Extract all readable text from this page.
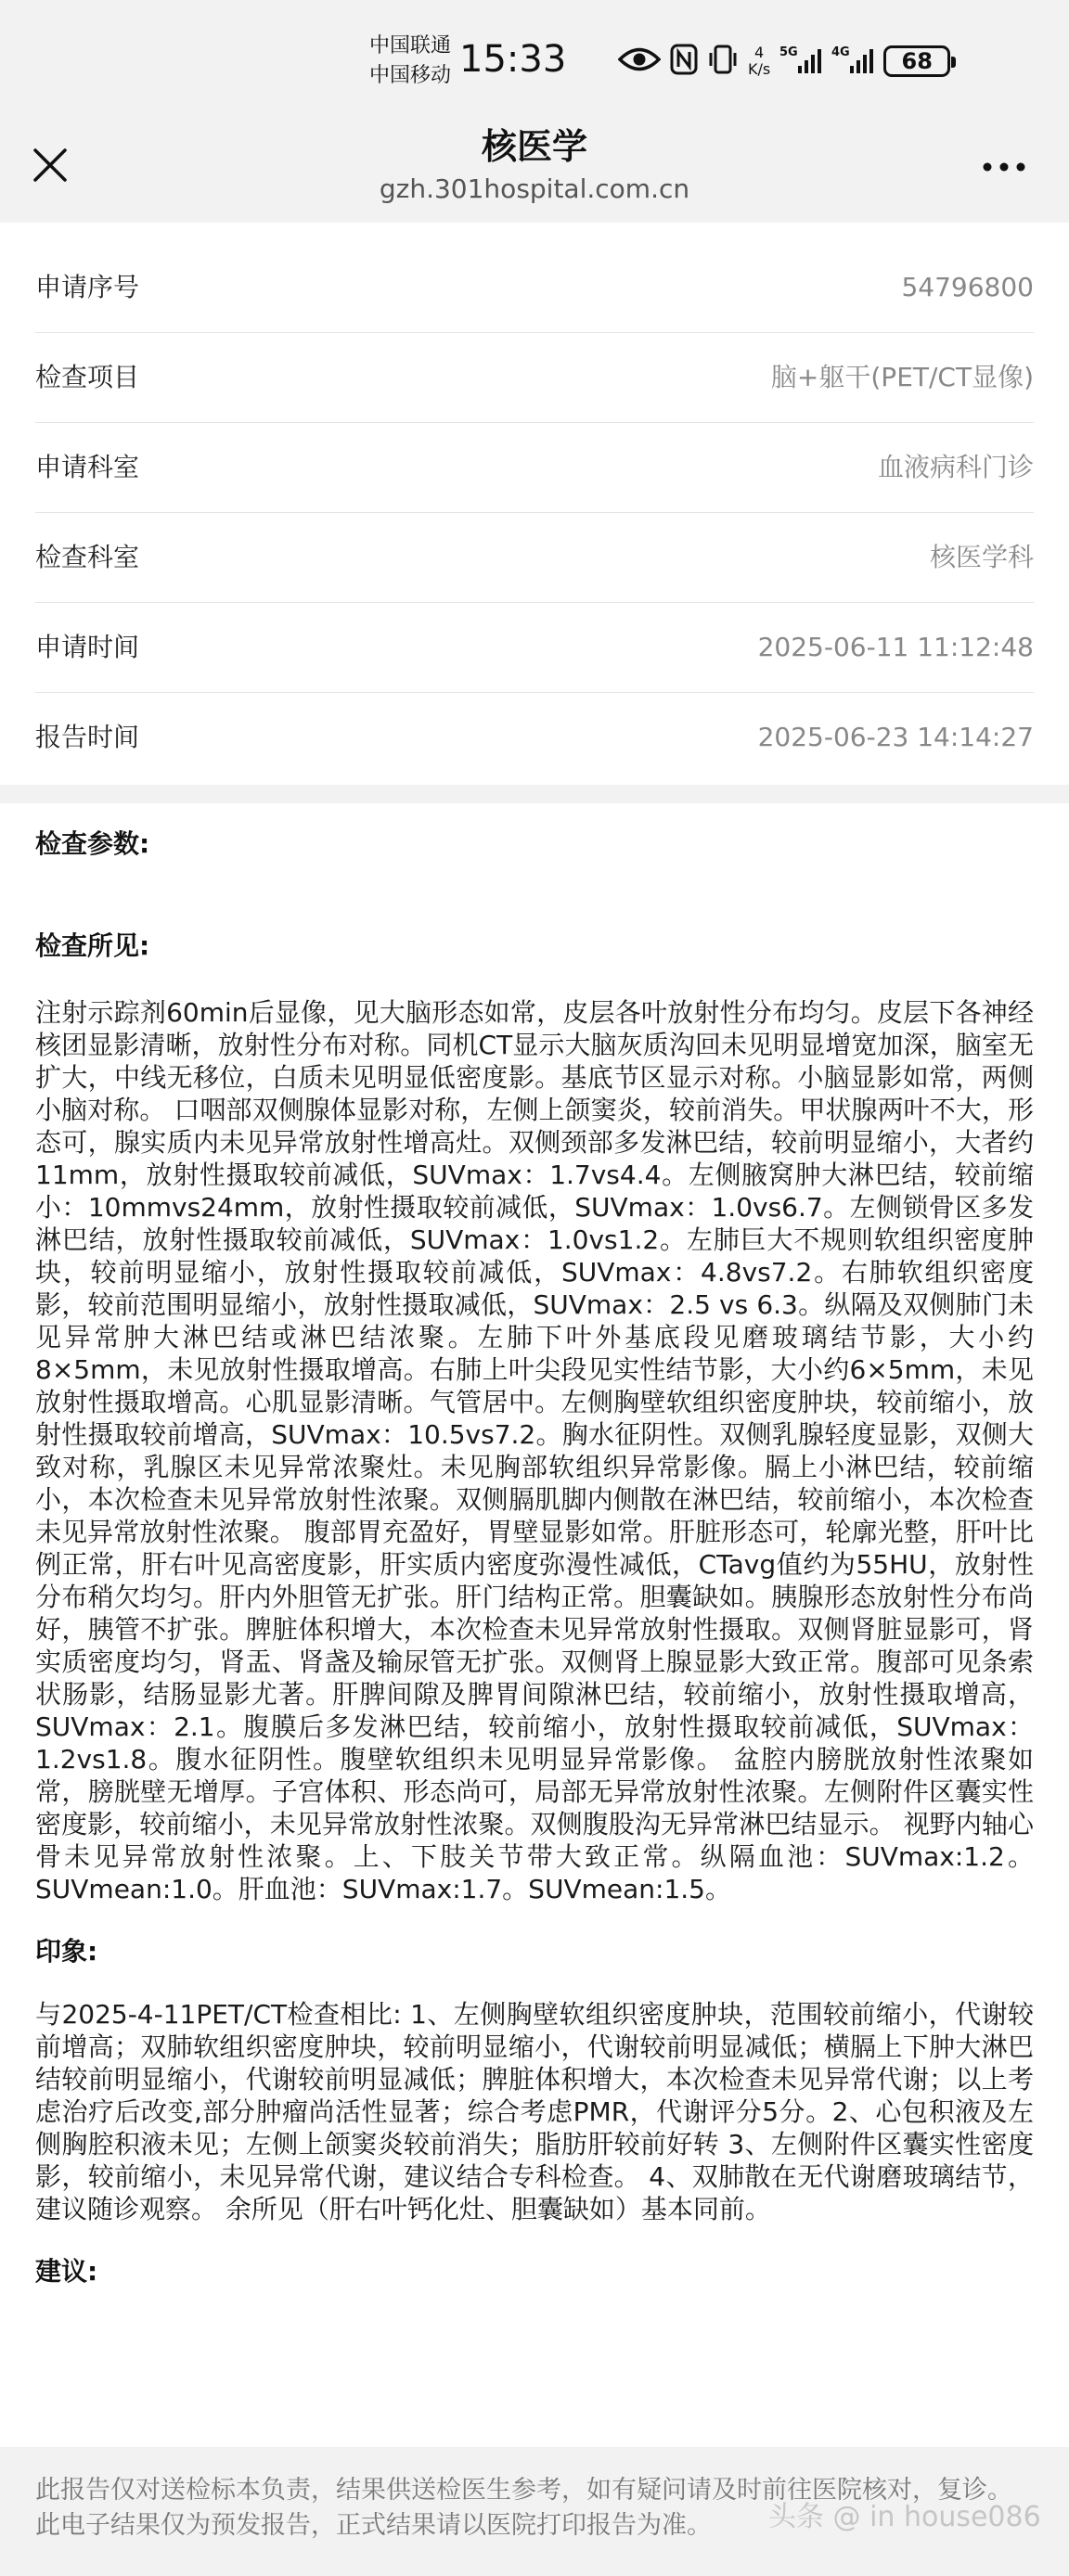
中国联通
中国移动 15:33	4
K/s
5G	4G 68
核医学
gzh.301hospital.com.cn
申请序号	54796800
检查项目	脑+躯干(PET/CT显像)
申请科室	血液病科门诊
检查科室	核医学科
申请时间	2025-06-11 11:12:48
报告时间	2025-06-23 14:14:27
检查参数:

检查所见:

注射示踪剂60min后显像，见大脑形态如常，皮层各叶放射性分布均匀。皮层下各神经核团显影清晰，放射性分布对称。同机CT显示大脑灰质沟回未见明显增宽加深，脑室无扩大，中线无移位，白质未见明显低密度影。基底节区显示对称。小脑显影如常，两侧小脑对称。 口咽部双侧腺体显影对称，左侧上颌窦炎，较前消失。甲状腺两叶不大，形态可，腺实质内未见异常放射性增高灶。双侧颈部多发淋巴结，较前明显缩小，大者约11mm，放射性摄取较前减低，SUVmax：1.7vs4.4。左侧腋窝肿大淋巴结，较前缩小：10mmvs24mm，放射性摄取较前减低，SUVmax：1.0vs6.7。左侧锁骨区多发淋巴结，放射性摄取较前减低，SUVmax：1.0vs1.2。左肺巨大不规则软组织密度肿块，较前明显缩小，放射性摄取较前减低，SUVmax：4.8vs7.2。右肺软组织密度影，较前范围明显缩小，放射性摄取减低，SUVmax：2.5 vs 6.3。纵隔及双侧肺门未见异常肿大淋巴结或淋巴结浓聚。左肺下叶外基底段见磨玻璃结节影，大小约8×5mm，未见放射性摄取增高。右肺上叶尖段见实性结节影，大小约6×5mm，未见放射性摄取增高。心肌显影清晰。气管居中。左侧胸壁软组织密度肿块，较前缩小，放射性摄取较前增高，SUVmax：10.5vs7.2。胸水征阴性。双侧乳腺轻度显影，双侧大致对称，乳腺区未见异常浓聚灶。未见胸部软组织异常影像。膈上小淋巴结，较前缩小，本次检查未见异常放射性浓聚。双侧膈肌脚内侧散在淋巴结，较前缩小，本次检查未见异常放射性浓聚。 腹部胃充盈好，胃壁显影如常。肝脏形态可，轮廓光整，肝叶比例正常，肝右叶见高密度影，肝实质内密度弥漫性减低，CTavg值约为55HU，放射性分布稍欠均匀。肝内外胆管无扩张。肝门结构正常。胆囊缺如。胰腺形态放射性分布尚好，胰管不扩张。脾脏体积增大，本次检查未见异常放射性摄取。双侧肾脏显影可，肾实质密度均匀，肾盂、肾盏及输尿管无扩张。双侧肾上腺显影大致正常。腹部可见条索状肠影，结肠显影尤著。肝脾间隙及脾胃间隙淋巴结，较前缩小，放射性摄取增高，SUVmax：2.1。腹膜后多发淋巴结，较前缩小，放射性摄取较前减低，SUVmax：1.2vs1.8。腹水征阴性。腹壁软组织未见明显异常影像。 盆腔内膀胱放射性浓聚如常，膀胱壁无增厚。子宫体积、形态尚可，局部无异常放射性浓聚。左侧附件区囊实性密度影，较前缩小，未见异常放射性浓聚。双侧腹股沟无异常淋巴结显示。 视野内轴心骨未见异常放射性浓聚。上、下肢关节带大致正常。纵隔血池：SUVmax:1.2。SUVmean:1.0。肝血池：SUVmax:1.7。SUVmean:1.5。

印象:

与2025-4-11PET/CT检查相比: 1、左侧胸壁软组织密度肿块，范围较前缩小，代谢较前增高；双肺软组织密度肿块，较前明显缩小，代谢较前明显减低；横膈上下肿大淋巴结较前明显缩小，代谢较前明显减低；脾脏体积增大，本次检查未见异常代谢；以上考虑治疗后改变,部分肿瘤尚活性显著；综合考虑PMR，代谢评分5分。2、心包积液及左侧胸腔积液未见；左侧上颌窦炎较前消失；脂肪肝较前好转 3、左侧附件区囊实性密度影，较前缩小，未见异常代谢，建议结合专科检查。 4、双肺散在无代谢磨玻璃结节，建议随诊观察。 余所见（肝右叶钙化灶、胆囊缺如）基本同前。

建议:

此报告仅对送检标本负责，结果供送检医生参考，如有疑问请及时前往医院核对，复诊。此电子结果仅为预发报告，正式结果请以医院打印报告为准。	头条 @ in house086
